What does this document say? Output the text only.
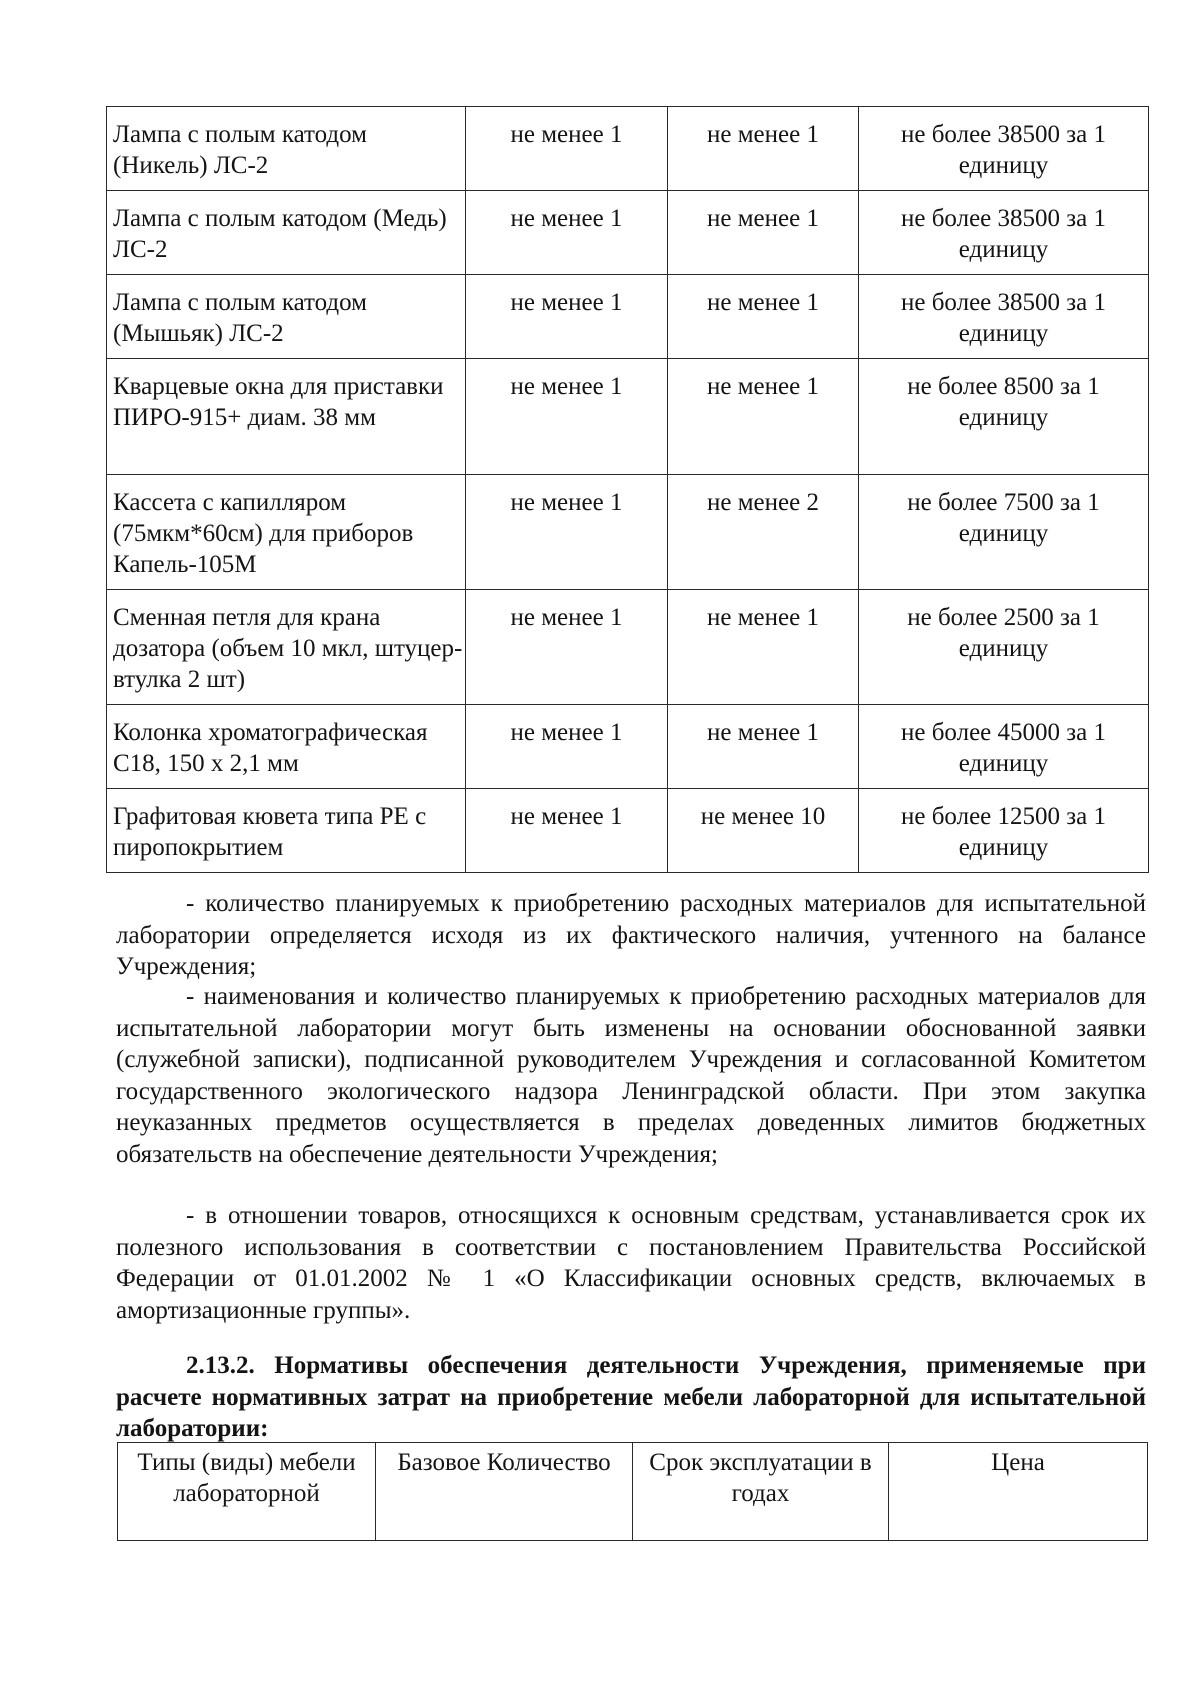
Лампа с полым катодом (Никель) ЛС-2	не менее 1	не менее 1	не более 38500 за 1 единицу
Лампа с полым катодом (Медь) ЛС-2	не менее 1	не менее 1	не более 38500 за 1 единицу
Лампа с полым катодом (Мышьяк) ЛС-2	не менее 1	не менее 1	не более 38500 за 1 единицу
Кварцевые окна для приставки ПИРО-915+ диам. 38 мм	не менее 1	не менее 1	не более 8500 за 1 единицу
Кассета с капилляром (75мкм*60см) для приборов Капель-105М	не менее 1	не менее 2	не более 7500 за 1 единицу
Сменная петля для крана дозатора (объем 10 мкл, штуцер-втулка 2 шт)	не менее 1	не менее 1	не более 2500 за 1 единицу
Колонка хроматографическая С18, 150 х 2,1 мм	не менее 1	не менее 1	не более 45000 за 1 единицу
Графитовая кювета типа РЕ с пиропокрытием	не менее 1	не менее 10	не более 12500 за 1 единицу

- количество планируемых к приобретению расходных материалов для испытательной лаборатории определяется исходя из их фактического наличия, учтенного на балансе Учреждения;

- наименования и количество планируемых к приобретению расходных материалов для испытательной лаборатории могут быть изменены на основании обоснованной заявки (служебной записки), подписанной руководителем Учреждения и согласованной Комитетом государственного экологического надзора Ленинградской области. При этом закупка неуказанных предметов осуществляется в пределах доведенных лимитов бюджетных обязательств на обеспечение деятельности Учреждения;

- в отношении товаров, относящихся к основным средствам, устанавливается срок их полезного использования в соответствии с постановлением Правительства Российской Федерации от 01.01.2002 № 1 «О Классификации основных средств, включаемых в амортизационные группы».

2.13.2. Нормативы обеспечения деятельности Учреждения, применяемые при расчете нормативных затрат на приобретение мебели лабораторной для испытательной лаборатории:

Типы (виды) мебели лабораторной	Базовое Количество	Срок эксплуатации в годах	Цена
